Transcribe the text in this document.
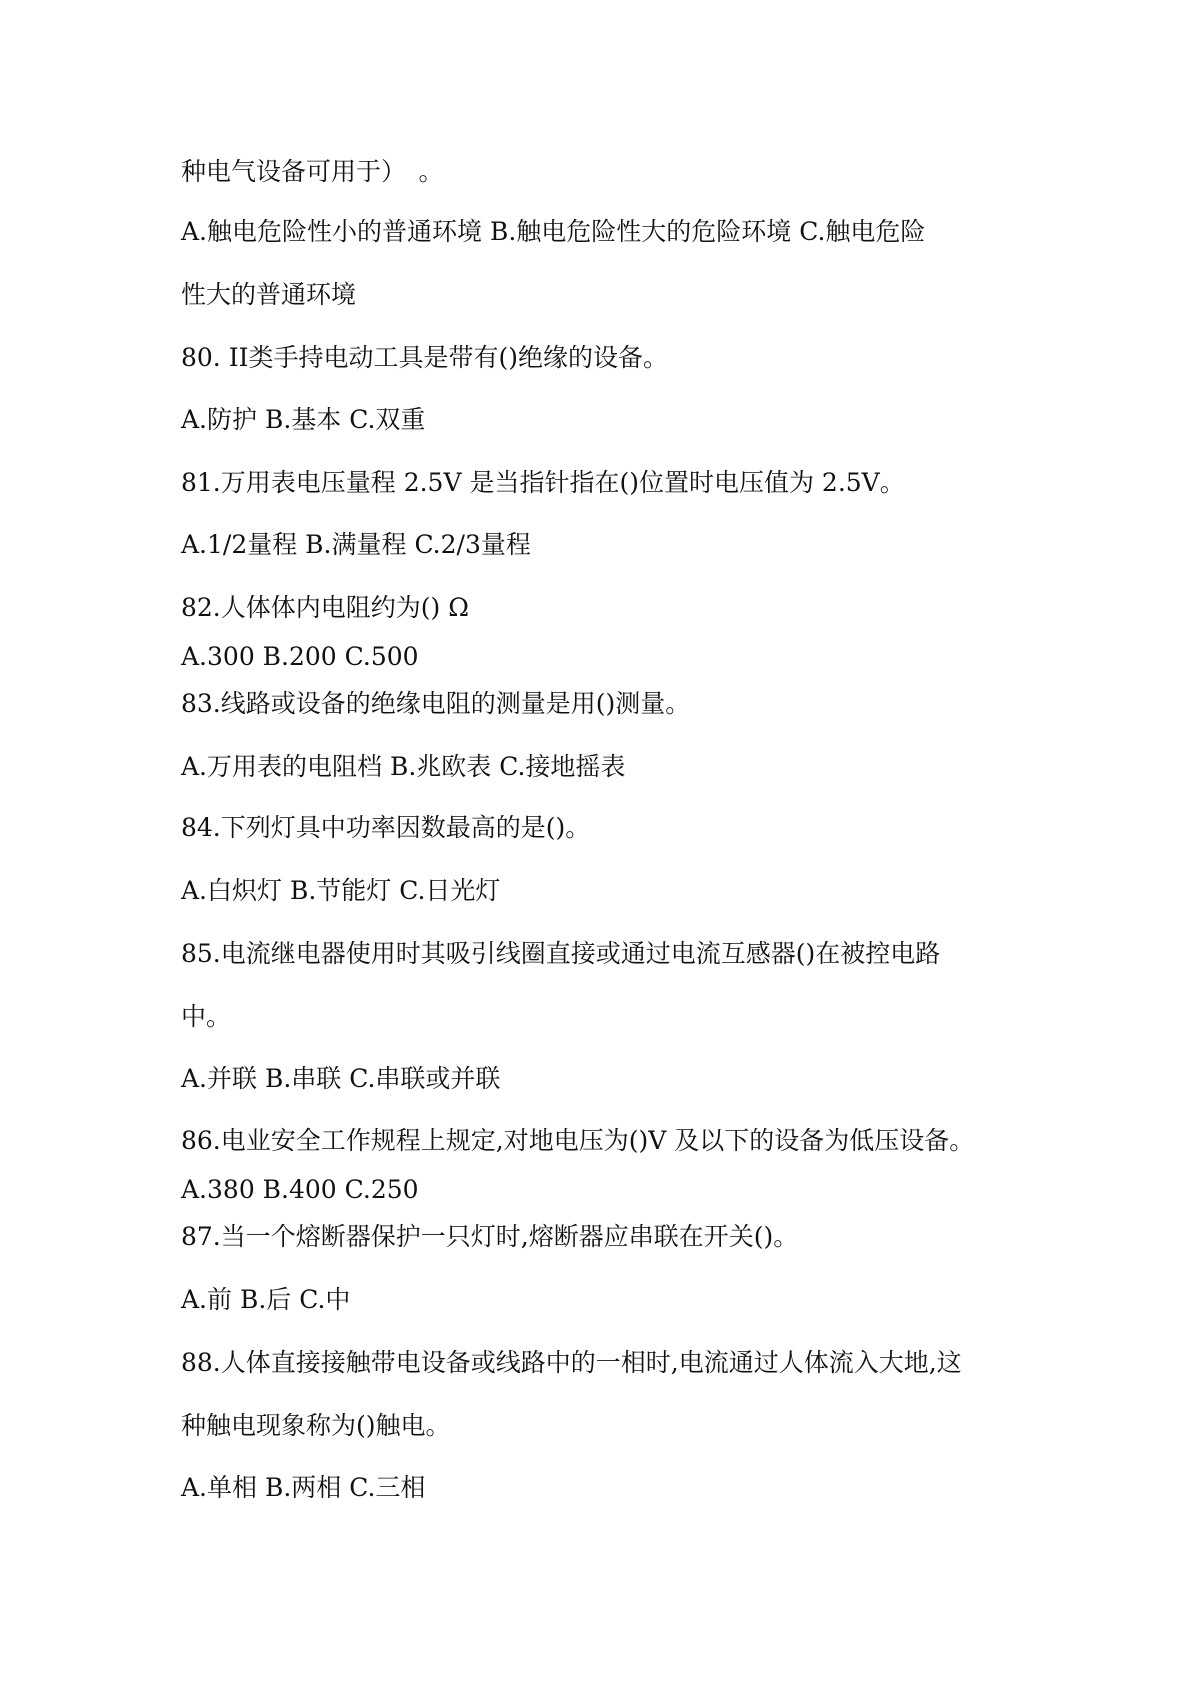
种电气设备可用于）　。
A.触电危险性小的普通环境 B.触电危险性大的危险环境 C.触电危险
性大的普通环境
80. II类手持电动工具是带有()绝缘的设备。
A.防护 B.基本 C.双重
81.万用表电压量程 2.5V 是当指针指在()位置时电压值为 2.5V。
A.1/2量程 B.满量程 C.2/3量程
82.人体体内电阻约为() Ω
A.300 B.200 C.500
83.线路或设备的绝缘电阻的测量是用()测量。
A.万用表的电阻档 B.兆欧表 C.接地摇表
84.下列灯具中功率因数最高的是()。
A.白炽灯 B.节能灯 C.日光灯
85.电流继电器使用时其吸引线圈直接或通过电流互感器()在被控电路
中。
A.并联 B.串联 C.串联或并联
86.电业安全工作规程上规定,对地电压为()V 及以下的设备为低压设备。
A.380 B.400 C.250
87.当一个熔断器保护一只灯时,熔断器应串联在开关()。
A.前 B.后 C.中
88.人体直接接触带电设备或线路中的一相时,电流通过人体流入大地,这
种触电现象称为()触电。
A.单相 B.两相 C.三相
